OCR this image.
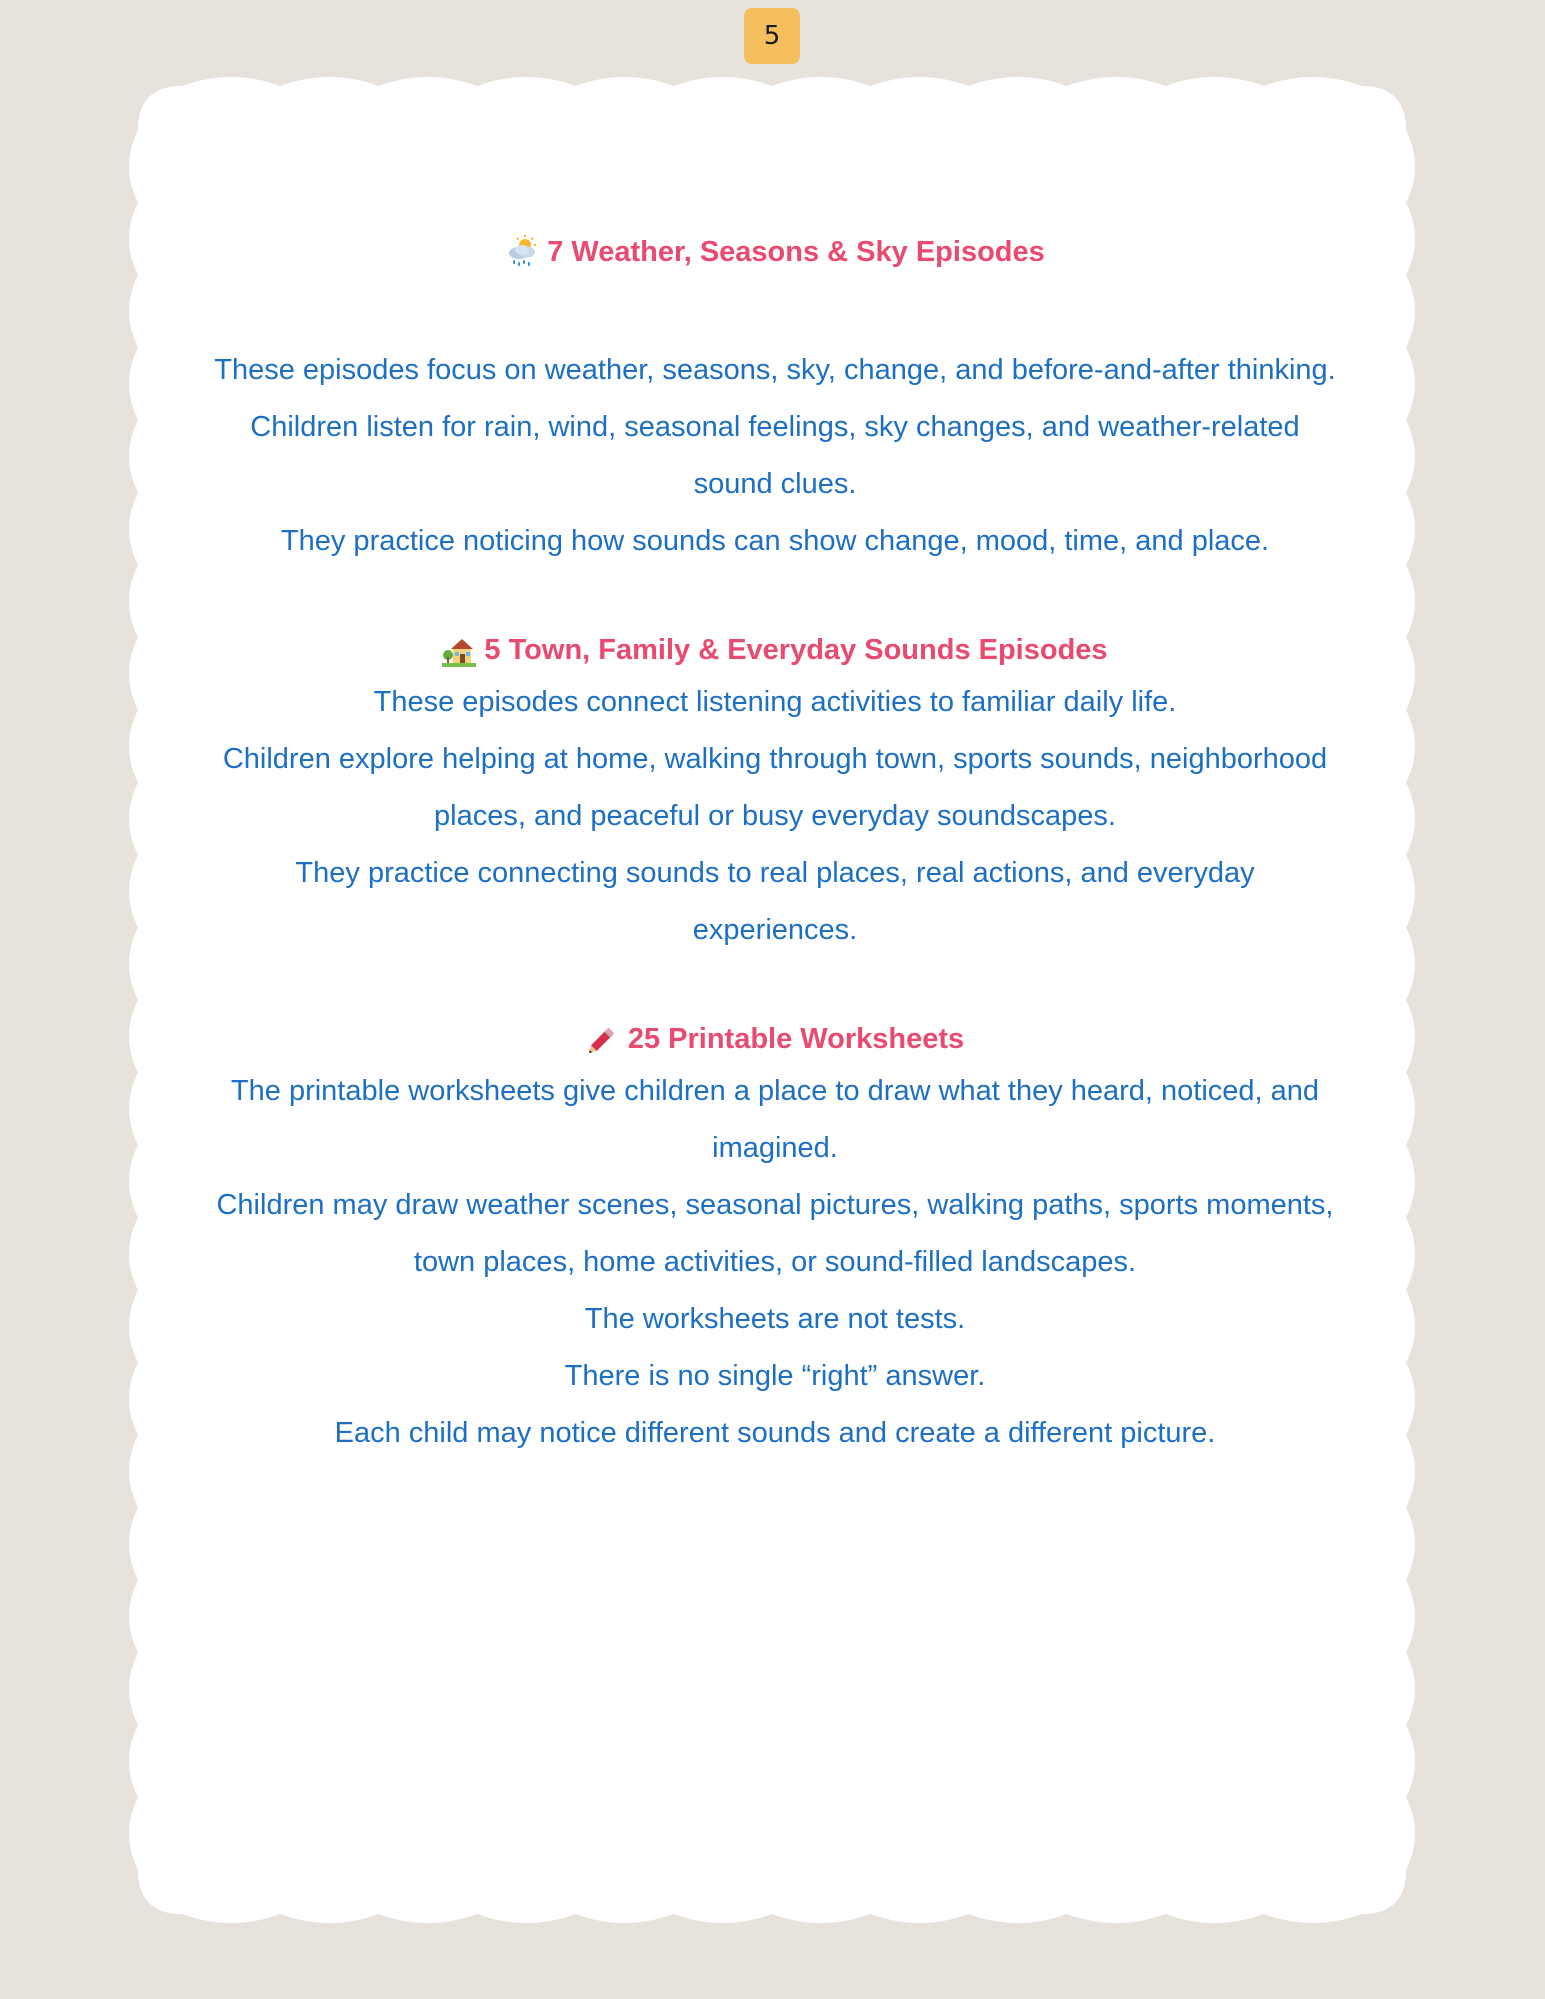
5
7 Weather, Seasons & Sky Episodes

These episodes focus on weather, seasons, sky, change, and before-and-after thinking.

Children listen for rain, wind, seasonal feelings, sky changes, and weather-related sound clues.

They practice noticing how sounds can show change, mood, time, and place.

5 Town, Family & Everyday Sounds Episodes

These episodes connect listening activities to familiar daily life.

Children explore helping at home, walking through town, sports sounds, neighborhood places, and peaceful or busy everyday soundscapes.

They practice connecting sounds to real places, real actions, and everyday experiences.

25 Printable Worksheets

The printable worksheets give children a place to draw what they heard, noticed, and imagined.

Children may draw weather scenes, seasonal pictures, walking paths, sports moments, town places, home activities, or sound-filled landscapes.

The worksheets are not tests.

There is no single “right” answer.

Each child may notice different sounds and create a different picture.
